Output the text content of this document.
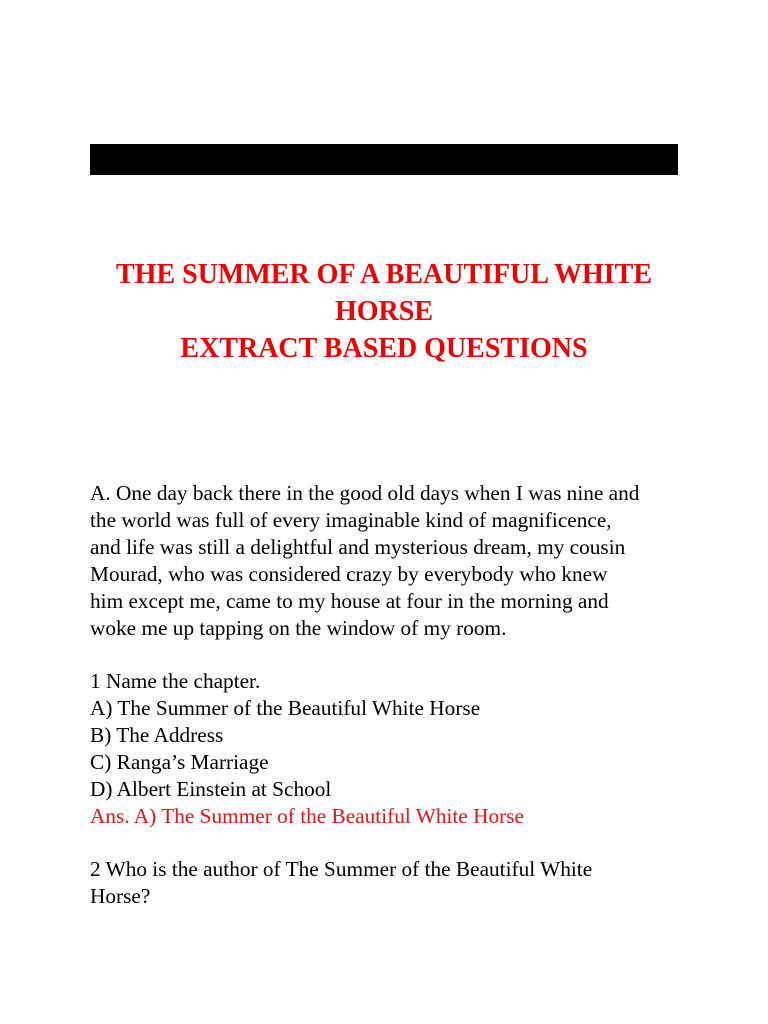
THE SUMMER OF A BEAUTIFUL WHITE
HORSE
EXTRACT BASED QUESTIONS
A. One day back there in the good old days when I was nine and
the world was full of every imaginable kind of magnificence,
and life was still a delightful and mysterious dream, my cousin
Mourad, who was considered crazy by everybody who knew
him except me, came to my house at four in the morning and
woke me up tapping on the window of my room.
1 Name the chapter.
A) The Summer of the Beautiful White Horse
B) The Address
C) Ranga’s Marriage
D) Albert Einstein at School
Ans. A) The Summer of the Beautiful White Horse
2 Who is the author of The Summer of the Beautiful White
Horse?
